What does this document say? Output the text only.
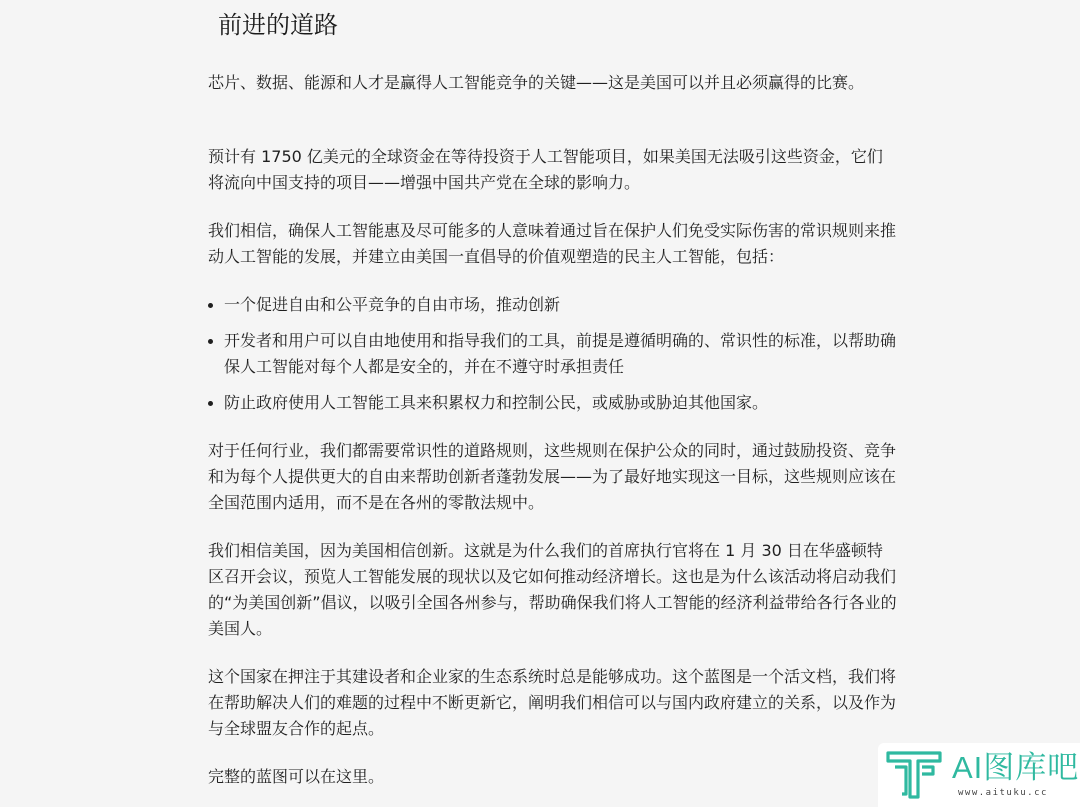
前进的道路

芯片、数据、能源和人才是赢得人工智能竞争的关键——这是美国可以并且必须赢得的比赛。

预计有 1750 亿美元的全球资金在等待投资于人工智能项目，如果美国无法吸引这些资金，它们将流向中国支持的项目——增强中国共产党在全球的影响力。

我们相信，确保人工智能惠及尽可能多的人意味着通过旨在保护人们免受实际伤害的常识规则来推动人工智能的发展，并建立由美国一直倡导的价值观塑造的民主人工智能，包括：

一个促进自由和公平竞争的自由市场，推动创新
开发者和用户可以自由地使用和指导我们的工具，前提是遵循明确的、常识性的标准，以帮助确保人工智能对每个人都是安全的，并在不遵守时承担责任
防止政府使用人工智能工具来积累权力和控制公民，或威胁或胁迫其他国家。

对于任何行业，我们都需要常识性的道路规则，这些规则在保护公众的同时，通过鼓励投资、竞争和为每个人提供更大的自由来帮助创新者蓬勃发展——为了最好地实现这一目标，这些规则应该在全国范围内适用，而不是在各州的零散法规中。

我们相信美国，因为美国相信创新。这就是为什么我们的首席执行官将在 1 月 30 日在华盛顿特区召开会议，预览人工智能发展的现状以及它如何推动经济增长。这也是为什么该活动将启动我们的“为美国创新”倡议，以吸引全国各州参与，帮助确保我们将人工智能的经济利益带给各行各业的美国人。

这个国家在押注于其建设者和企业家的生态系统时总是能够成功。这个蓝图是一个活文档，我们将在帮助解决人们的难题的过程中不断更新它，阐明我们相信可以与国内政府建立的关系，以及作为与全球盟友合作的起点。

完整的蓝图可以在这里。	AI图库吧
www.aituku.cc
